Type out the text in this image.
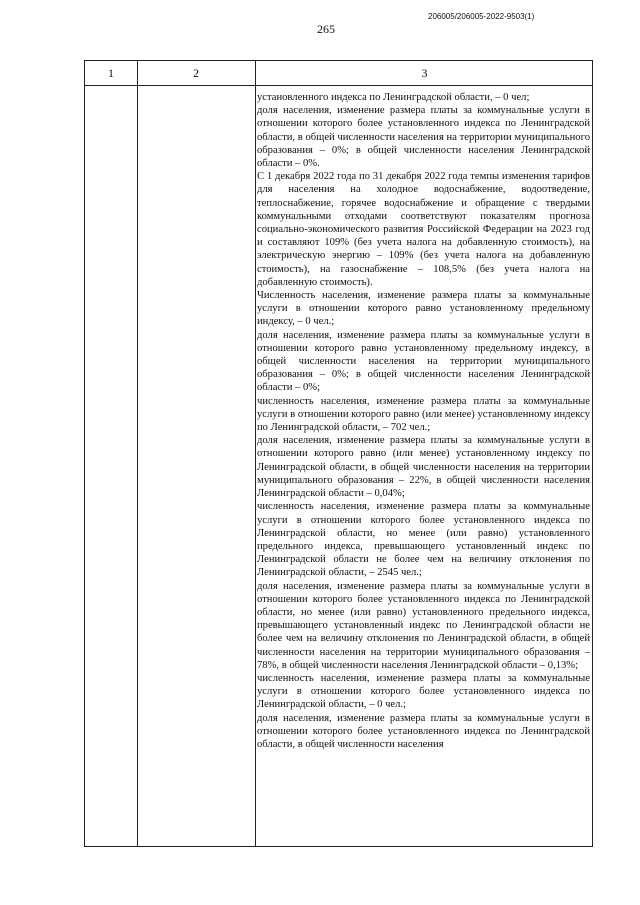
265
206005/206005-2022-9503(1)
1	2	3

установленного индекса по Ленинградской области, – 0 чел;

доля населения, изменение размера платы за коммунальные услуги в отношении которого более установленного индекса по Ленинградской области, в общей численности населения на территории муниципального образования – 0%; в общей численности населения Ленинградской области – 0%.

С 1 декабря 2022 года по 31 декабря 2022 года темпы изменения тарифов для населения на холодное водоснабжение, водоотведение, теплоснабжение, горячее водоснабжение и обращение с твердыми коммунальными отходами соответствуют показателям прогноза социально-экономического развития Российской Федерации на 2023 год и составляют 109% (без учета налога на добавленную стоимость), на электрическую энергию – 109% (без учета налога на добавленную стоимость), на газоснабжение – 108,5% (без учета налога на добавленную стоимость).

Численность населения, изменение размера платы за коммунальные услуги в отношении которого равно установленному предельному индексу, – 0 чел.;

доля населения, изменение размера платы за коммунальные услуги в отношении которого равно установленному предельному индексу, в общей численности населения на территории муниципального образования – 0%; в общей численности населения Ленинградской области – 0%;

численность населения, изменение размера платы за коммунальные услуги в отношении которого равно (или менее) установленному индексу по Ленинградской области, – 702 чел.;

доля населения, изменение размера платы за коммунальные услуги в отношении которого равно (или менее) установленному индексу по Ленинградской области, в общей численности населения на территории муниципального образования – 22%, в общей численности населения Ленинградской области – 0,04%;

численность населения, изменение размера платы за коммунальные услуги в отношении которого более установленного индекса по Ленинградской области, но менее (или равно) установленного предельного индекса, превышающего установленный индекс по Ленинградской области не более чем на величину отклонения по Ленинградской области, – 2545 чел.;

доля населения, изменение размера платы за коммунальные услуги в отношении которого более установленного индекса по Ленинградской области, но менее (или равно) установленного предельного индекса, превышающего установленный индекс по Ленинградской области не более чем на величину отклонения по Ленинградской области, в общей численности населения на территории муниципального образования – 78%, в общей численности населения Ленинградской области – 0,13%;

численность населения, изменение размера платы за коммунальные услуги в отношении которого более установленного индекса по Ленинградской области, – 0 чел.;

доля населения, изменение размера платы за коммунальные услуги в отношении которого более установленного индекса по Ленинградской области, в общей численности населения
